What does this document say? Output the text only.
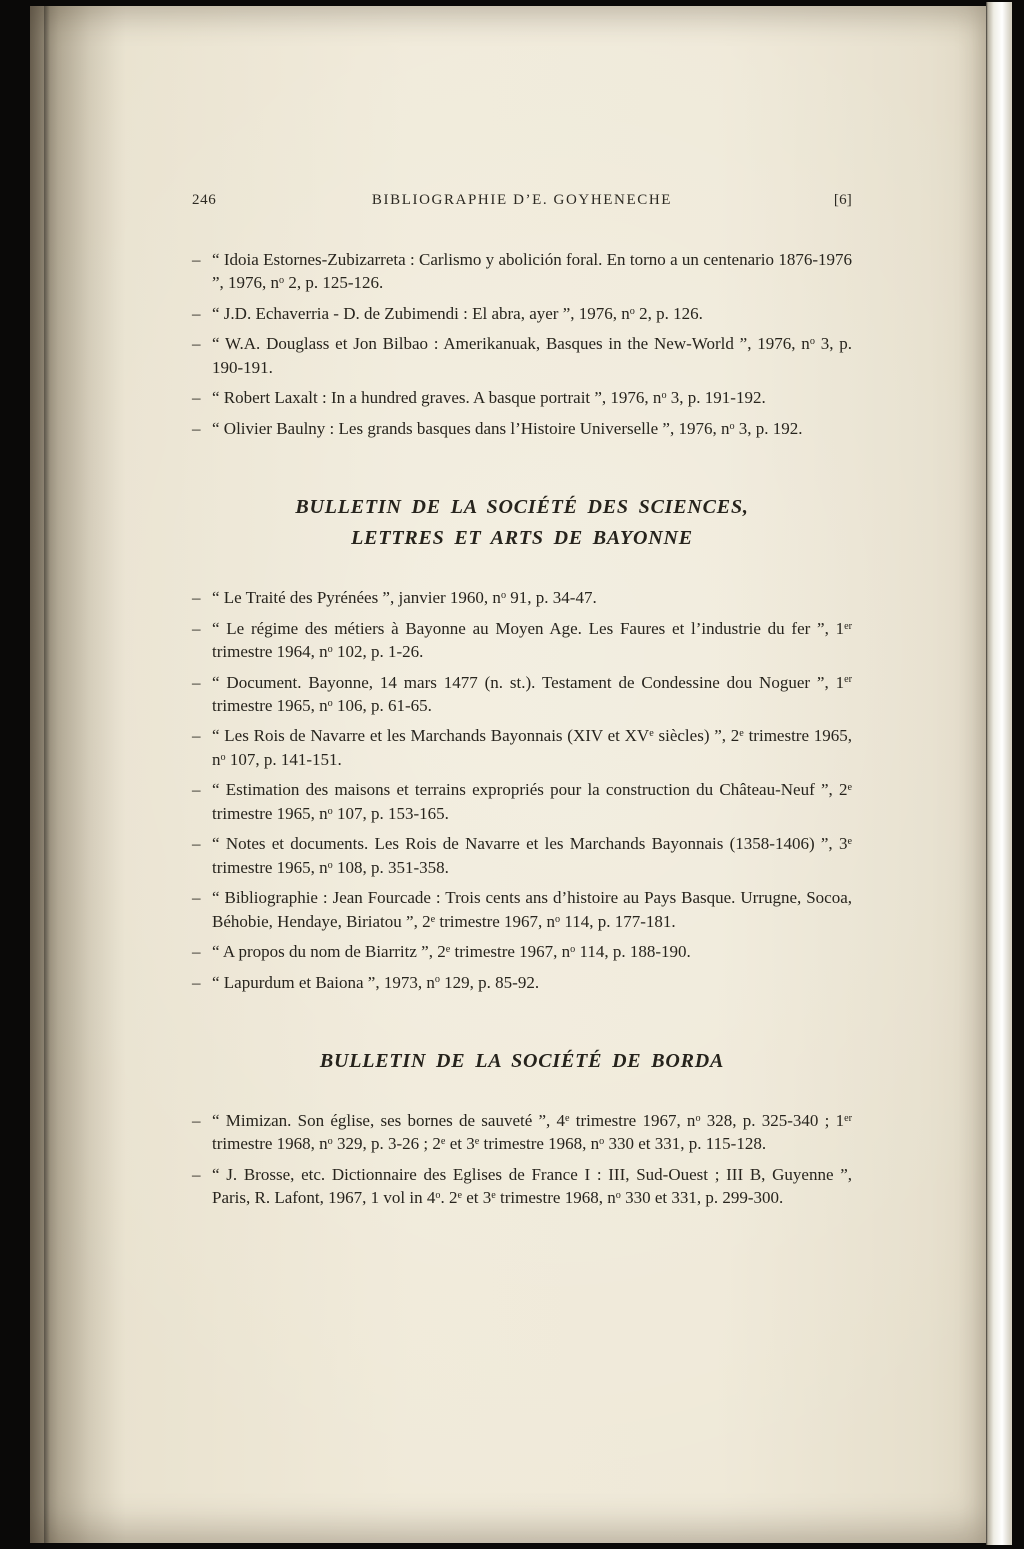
246	BIBLIOGRAPHIE D’E. GOYHENECHE	[6]
– “ Idoia Estornes-Zubizarreta : Carlismo y abolición foral. En torno a un centenario 1876-1976 ”, 1976, $n^o$ 2, p. 125-126.
– “ J.D. Echaverria - D. de Zubimendi : El abra, ayer ”, 1976, $n^o$ 2, p. 126.
– “ W.A. Douglass et Jon Bilbao : Amerikanuak, Basques in the New-World ”, 1976, $n^o$ 3, p. 190-191.
– “ Robert Laxalt : In a hundred graves. A basque portrait ”, 1976, $n^o$ 3, p. 191-192.
– “ Olivier Baulny : Les grands basques dans l’Histoire Universelle ”, 1976, $n^o$ 3, p. 192.
BULLETIN DE LA SOCIÉTÉ DES SCIENCES,
LETTRES ET ARTS DE BAYONNE
– “ Le Traité des Pyrénées ”, janvier 1960, $n^o$ 91, p. 34-47.
– “ Le régime des métiers à Bayonne au Moyen Age. Les Faures et l’industrie du fer ”, 1er trimestre 1964, $n^o$ 102, p. 1-26.
– “ Document. Bayonne, 14 mars 1477 (n. st.). Testament de Condessine dou Noguer ”, 1er trimestre 1965, $n^o$ 106, p. 61-65.
– “ Les Rois de Navarre et les Marchands Bayonnais (XIV et XVe siècles) ”, 2e trimestre 1965, $n^o$ 107, p. 141-151.
– “ Estimation des maisons et terrains expropriés pour la construction du Château-Neuf ”, 2e trimestre 1965, $n^o$ 107, p. 153-165.
– “ Notes et documents. Les Rois de Navarre et les Marchands Bayonnais (1358-1406) ”, 3e trimestre 1965, $n^o$ 108, p. 351-358.
– “ Bibliographie : Jean Fourcade : Trois cents ans d’histoire au Pays Basque. Urrugne, Socoa, Béhobie, Hendaye, Biriatou ”, 2e trimestre 1967, $n^o$ 114, p. 177-181.
– “ A propos du nom de Biarritz ”, 2e trimestre 1967, $n^o$ 114, p. 188-190.
– “ Lapurdum et Baiona ”, 1973, $n^o$ 129, p. 85-92.
BULLETIN DE LA SOCIÉTÉ DE BORDA
– “ Mimizan. Son église, ses bornes de sauveté ”, 4e trimestre 1967, $n^o$ 328, p. 325-340 ; 1er trimestre 1968, $n^o$ 329, p. 3-26 ; 2e et 3e trimestre 1968, $n^o$ 330 et 331, p. 115-128.
– “ J. Brosse, etc. Dictionnaire des Eglises de France I : III, Sud-Ouest ; III B, Guyenne ”, Paris, R. Lafont, 1967, 1 vol in 4$^o$. 2e et 3e trimestre 1968, $n^o$ 330 et 331, p. 299-300.
